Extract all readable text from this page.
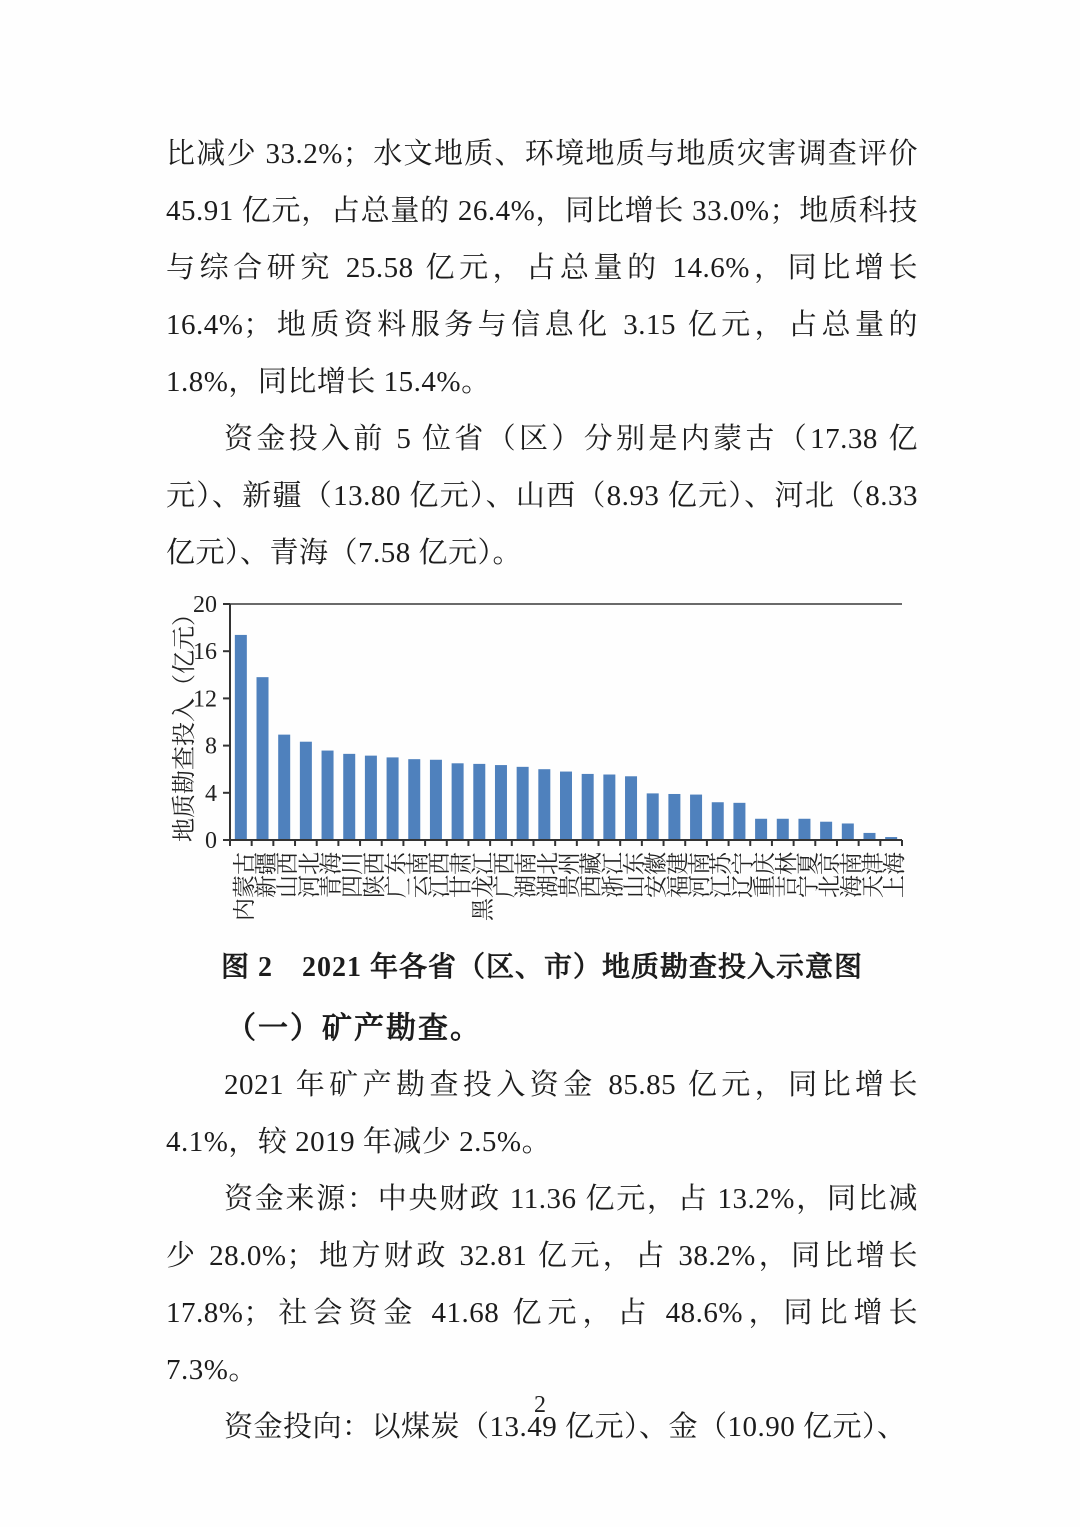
比减少 33.2%；水文地质、环境地质与地质灾害调查评价 45.91 亿元，占总量的 26.4%，同比增长 33.0%；地质科技与综合研究 25.58 亿元，占总量的 14.6%，同比增长 16.4%；地质资料服务与信息化 3.15 亿元，占总量的 1.8%，同比增长 15.4%。

资金投入前 5 位省（区）分别是内蒙古（17.38 亿元）、新疆（13.80 亿元）、山西（8.93 亿元）、河北（8.33 亿元）、青海（7.58 亿元）。

0
4
8
12
16
20
地质勘查投入（亿元）
内蒙古
新疆
山西
河北
青海
四川
陕西
广东
云南
江西
甘肃
黑龙江
广西
湖南
湖北
贵州
西藏
浙江
山东
安徽
福建
河南
江苏
辽宁
重庆
吉林
宁夏
北京
海南
天津
上海

图 2　2021 年各省（区、市）地质勘查投入示意图

（一）矿产勘查。

2021 年矿产勘查投入资金 85.85 亿元，同比增长 4.1%，较 2019 年减少 2.5%。

资金来源：中央财政 11.36 亿元，占 13.2%，同比减少 28.0%；地方财政 32.81 亿元，占 38.2%，同比增长 17.8%；社会资金 41.68 亿元，占 48.6%，同比增长 7.3%。

资金投向：以煤炭（13.49 亿元）、金（10.90 亿元）、

2
